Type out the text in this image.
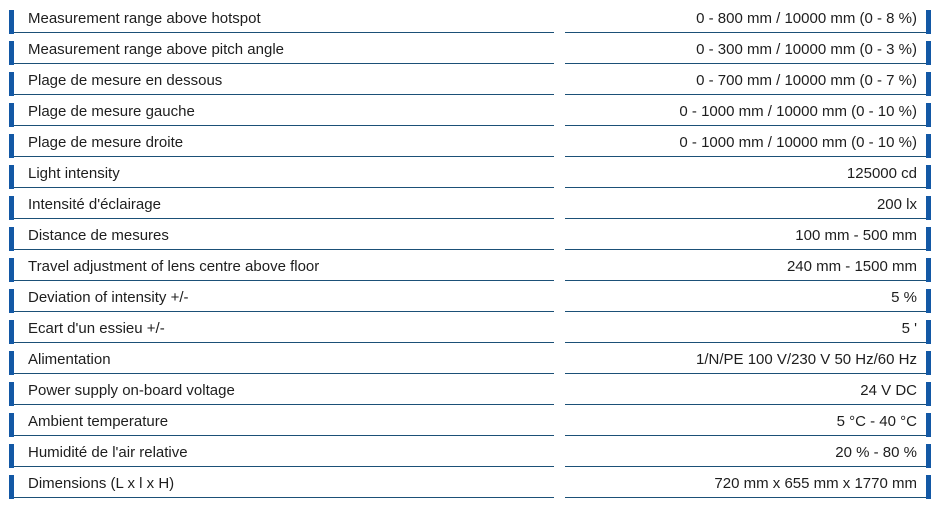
Measurement range above hotspot	0 - 800 mm / 10000 mm (0 - 8 %)
Measurement range above pitch angle	0 - 300 mm / 10000 mm (0 - 3 %)
Plage de mesure en dessous	0 - 700 mm / 10000 mm (0 - 7 %)
Plage de mesure gauche	0 - 1000 mm / 10000 mm (0 - 10 %)
Plage de mesure droite	0 - 1000 mm / 10000 mm (0 - 10 %)
Light intensity	125000 cd
Intensité d'éclairage	200 lx
Distance de mesures	100 mm - 500 mm
Travel adjustment of lens centre above floor	240 mm - 1500 mm
Deviation of intensity +/-	5 %
Ecart d'un essieu +/-	5 '
Alimentation	1/N/PE 100 V/230 V 50 Hz/60 Hz
Power supply on-board voltage	24 V DC
Ambient temperature	5 °C - 40 °C
Humidité de l'air relative	20 % - 80 %
Dimensions (L x l x H)	720 mm x 655 mm x 1770 mm
